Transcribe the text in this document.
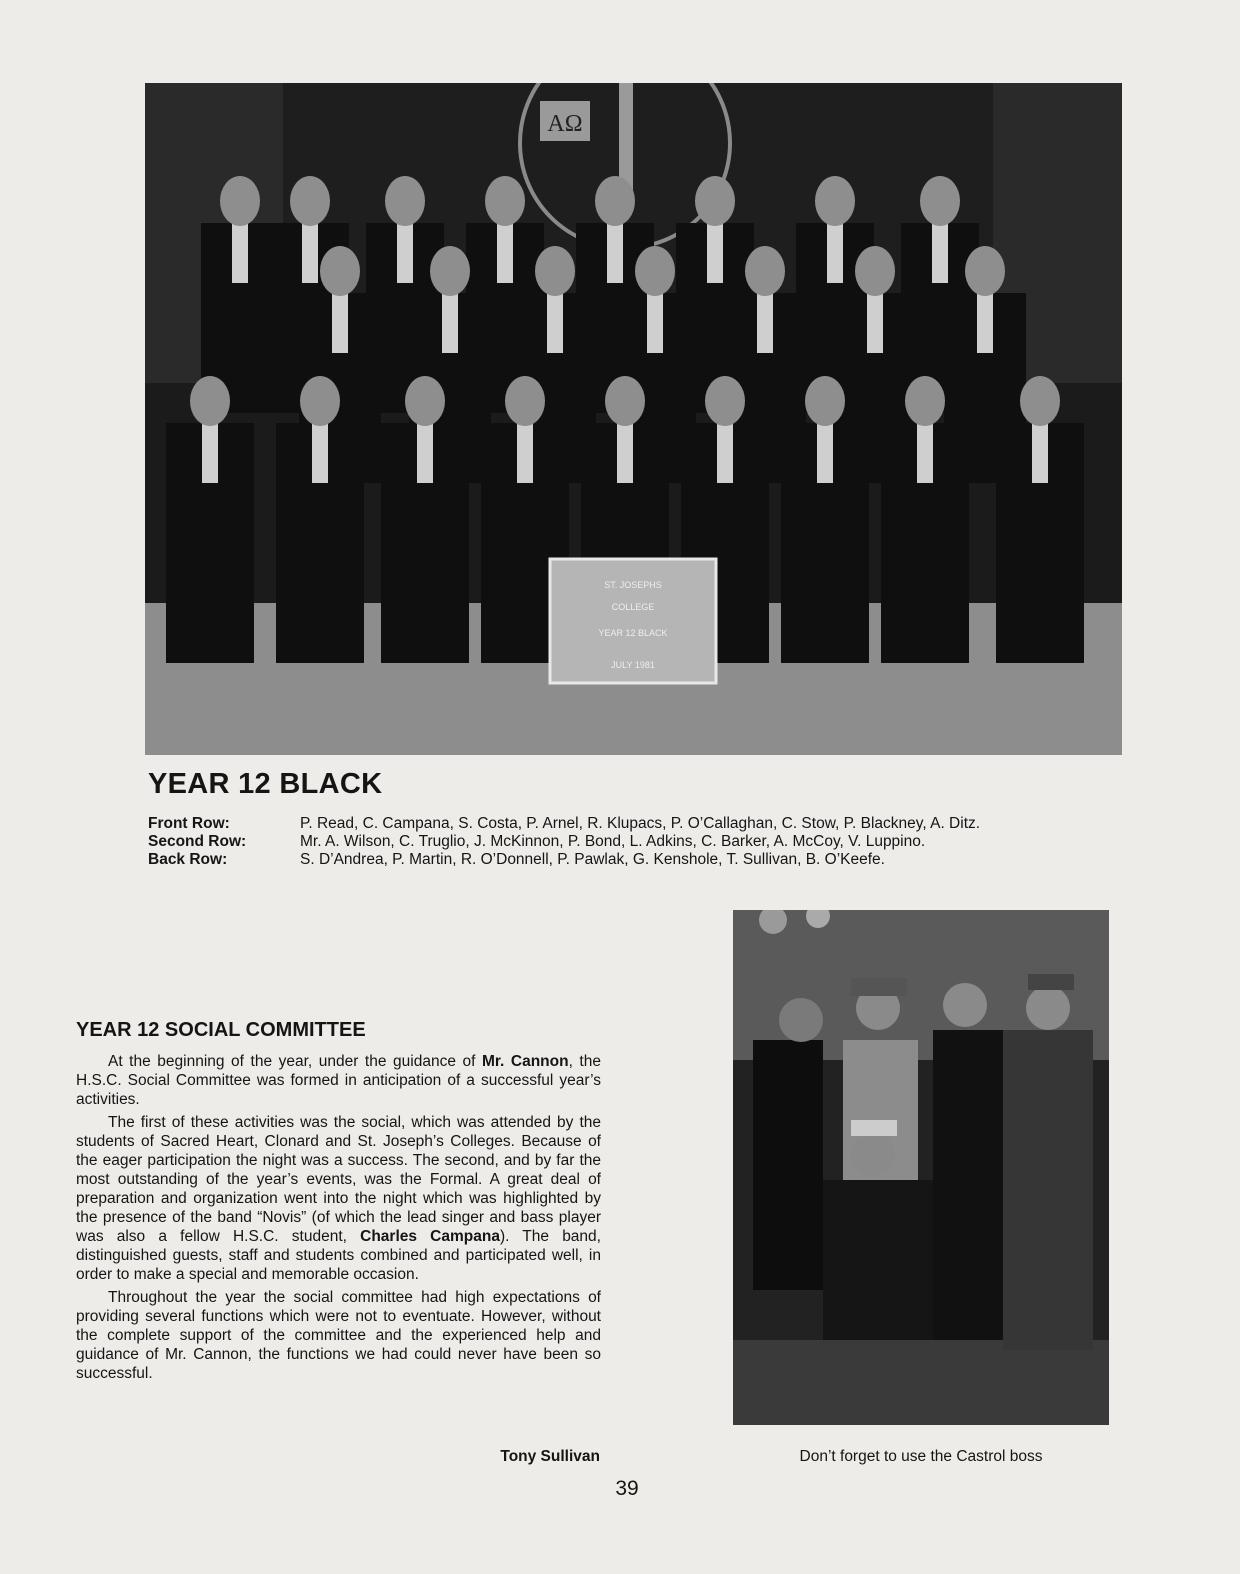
AΩ
ST. JOSEPHS
COLLEGE
YEAR 12 BLACK
JULY 1981
YEAR 12 BLACK
Front Row:	P. Read, C. Campana, S. Costa, P. Arnel, R. Klupacs, P. O’Callaghan, C. Stow, P. Blackney, A. Ditz.
Second Row:	Mr. A. Wilson, C. Truglio, J. McKinnon, P. Bond, L. Adkins, C. Barker, A. McCoy, V. Luppino.
Back Row:	S. D’Andrea, P. Martin, R. O’Donnell, P. Pawlak, G. Kenshole, T. Sullivan, B. O’Keefe.
YEAR 12 SOCIAL COMMITTEE

At the beginning of the year, under the guidance of Mr. Cannon, the H.S.C. Social Committee was formed in anticipation of a successful year’s activities.

The first of these activities was the social, which was attended by the students of Sacred Heart, Clonard and St. Joseph’s Colleges. Because of the eager participation the night was a success. The second, and by far the most outstanding of the year’s events, was the Formal. A great deal of preparation and organization went into the night which was highlighted by the presence of the band “Novis” (of which the lead singer and bass player was also a fellow H.S.C. student, Charles Campana). The band, distinguished guests, staff and students combined and participated well, in order to make a special and memorable occasion.

Throughout the year the social committee had high expectations of providing several functions which were not to eventuate. However, without the complete support of the committee and the experienced help and guidance of Mr. Cannon, the functions we had could never have been so successful.

Tony Sullivan	Don’t forget to use the Castrol boss
39
